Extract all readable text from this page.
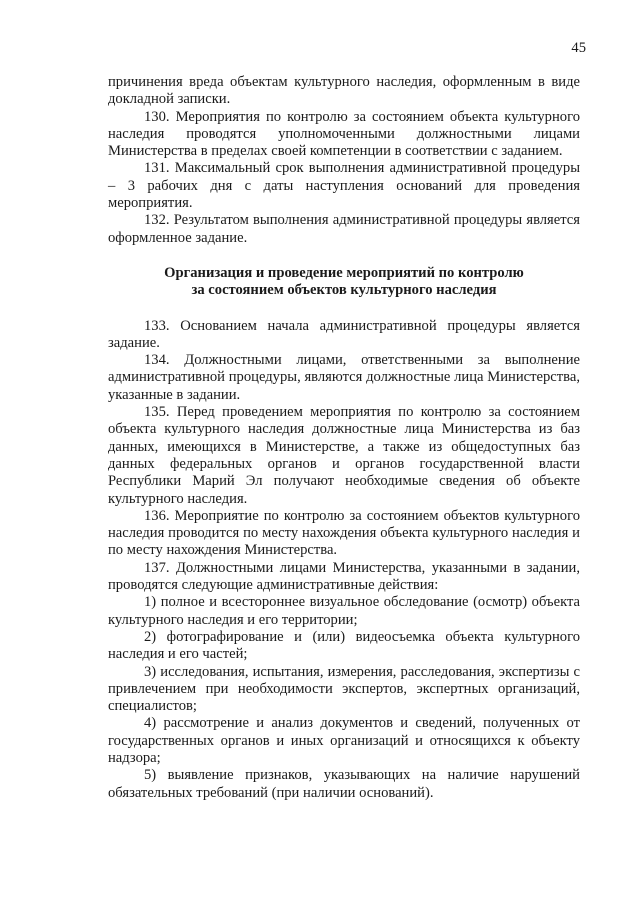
45

причинения вреда объектам культурного наследия, оформленным в виде докладной записки.

130. Мероприятия по контролю за состоянием объекта культурного наследия проводятся уполномоченными должностными лицами Министерства в пределах своей компетенции в соответствии с заданием.

131. Максимальный срок выполнения административной процедуры – 3 рабочих дня с даты наступления оснований для проведения мероприятия.

132. Результатом выполнения административной процедуры является оформленное задание.

Организация и проведение мероприятий по контролю
за состоянием объектов культурного наследия

133. Основанием начала административной процедуры является задание.

134. Должностными лицами, ответственными за выполнение административной процедуры, являются должностные лица Министерства, указанные в задании.

135. Перед проведением мероприятия по контролю за состоянием объекта культурного наследия должностные лица Министерства из баз данных, имеющихся в Министерстве, а также из общедоступных баз данных федеральных органов и органов государственной власти Республики Марий Эл получают необходимые сведения об объекте культурного наследия.

136. Мероприятие по контролю за состоянием объектов культурного наследия проводится по месту нахождения объекта культурного наследия и по месту нахождения Министерства.

137. Должностными лицами Министерства, указанными в задании, проводятся следующие административные действия:

1) полное и всестороннее визуальное обследование (осмотр) объекта культурного наследия и его территории;

2) фотографирование и (или) видеосъемка объекта культурного наследия и его частей;

3) исследования, испытания, измерения, расследования, экспертизы с привлечением при необходимости экспертов, экспертных организаций, специалистов;

4) рассмотрение и анализ документов и сведений, полученных от государственных органов и иных организаций и относящихся к объекту надзора;

5) выявление признаков, указывающих на наличие нарушений обязательных требований (при наличии оснований).
